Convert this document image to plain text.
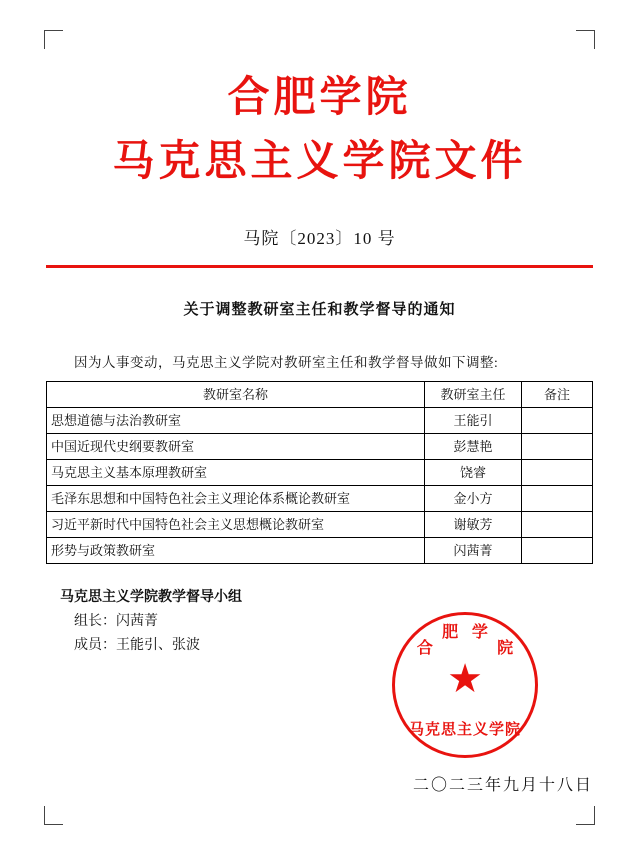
合肥学院
马克思主义学院文件
马院〔2023〕10 号
关于调整教研室主任和教学督导的通知
因为人事变动，马克思主义学院对教研室主任和教学督导做如下调整:
教研室名称	教研室主任	备注
思想道德与法治教研室	王能引	
中国近现代史纲要教研室	彭慧艳	
马克思主义基本原理教研室	饶睿	
毛泽东思想和中国特色社会主义理论体系概论教研室	金小方	
习近平新时代中国特色社会主义思想概论教研室	谢敏芳	
形势与政策教研室	闪茜菁	
马克思主义学院教学督导小组
组长：闪茜菁
成员：王能引、张波	合
肥 学
院
★
马克思主义学院
二〇二三年九月十八日
